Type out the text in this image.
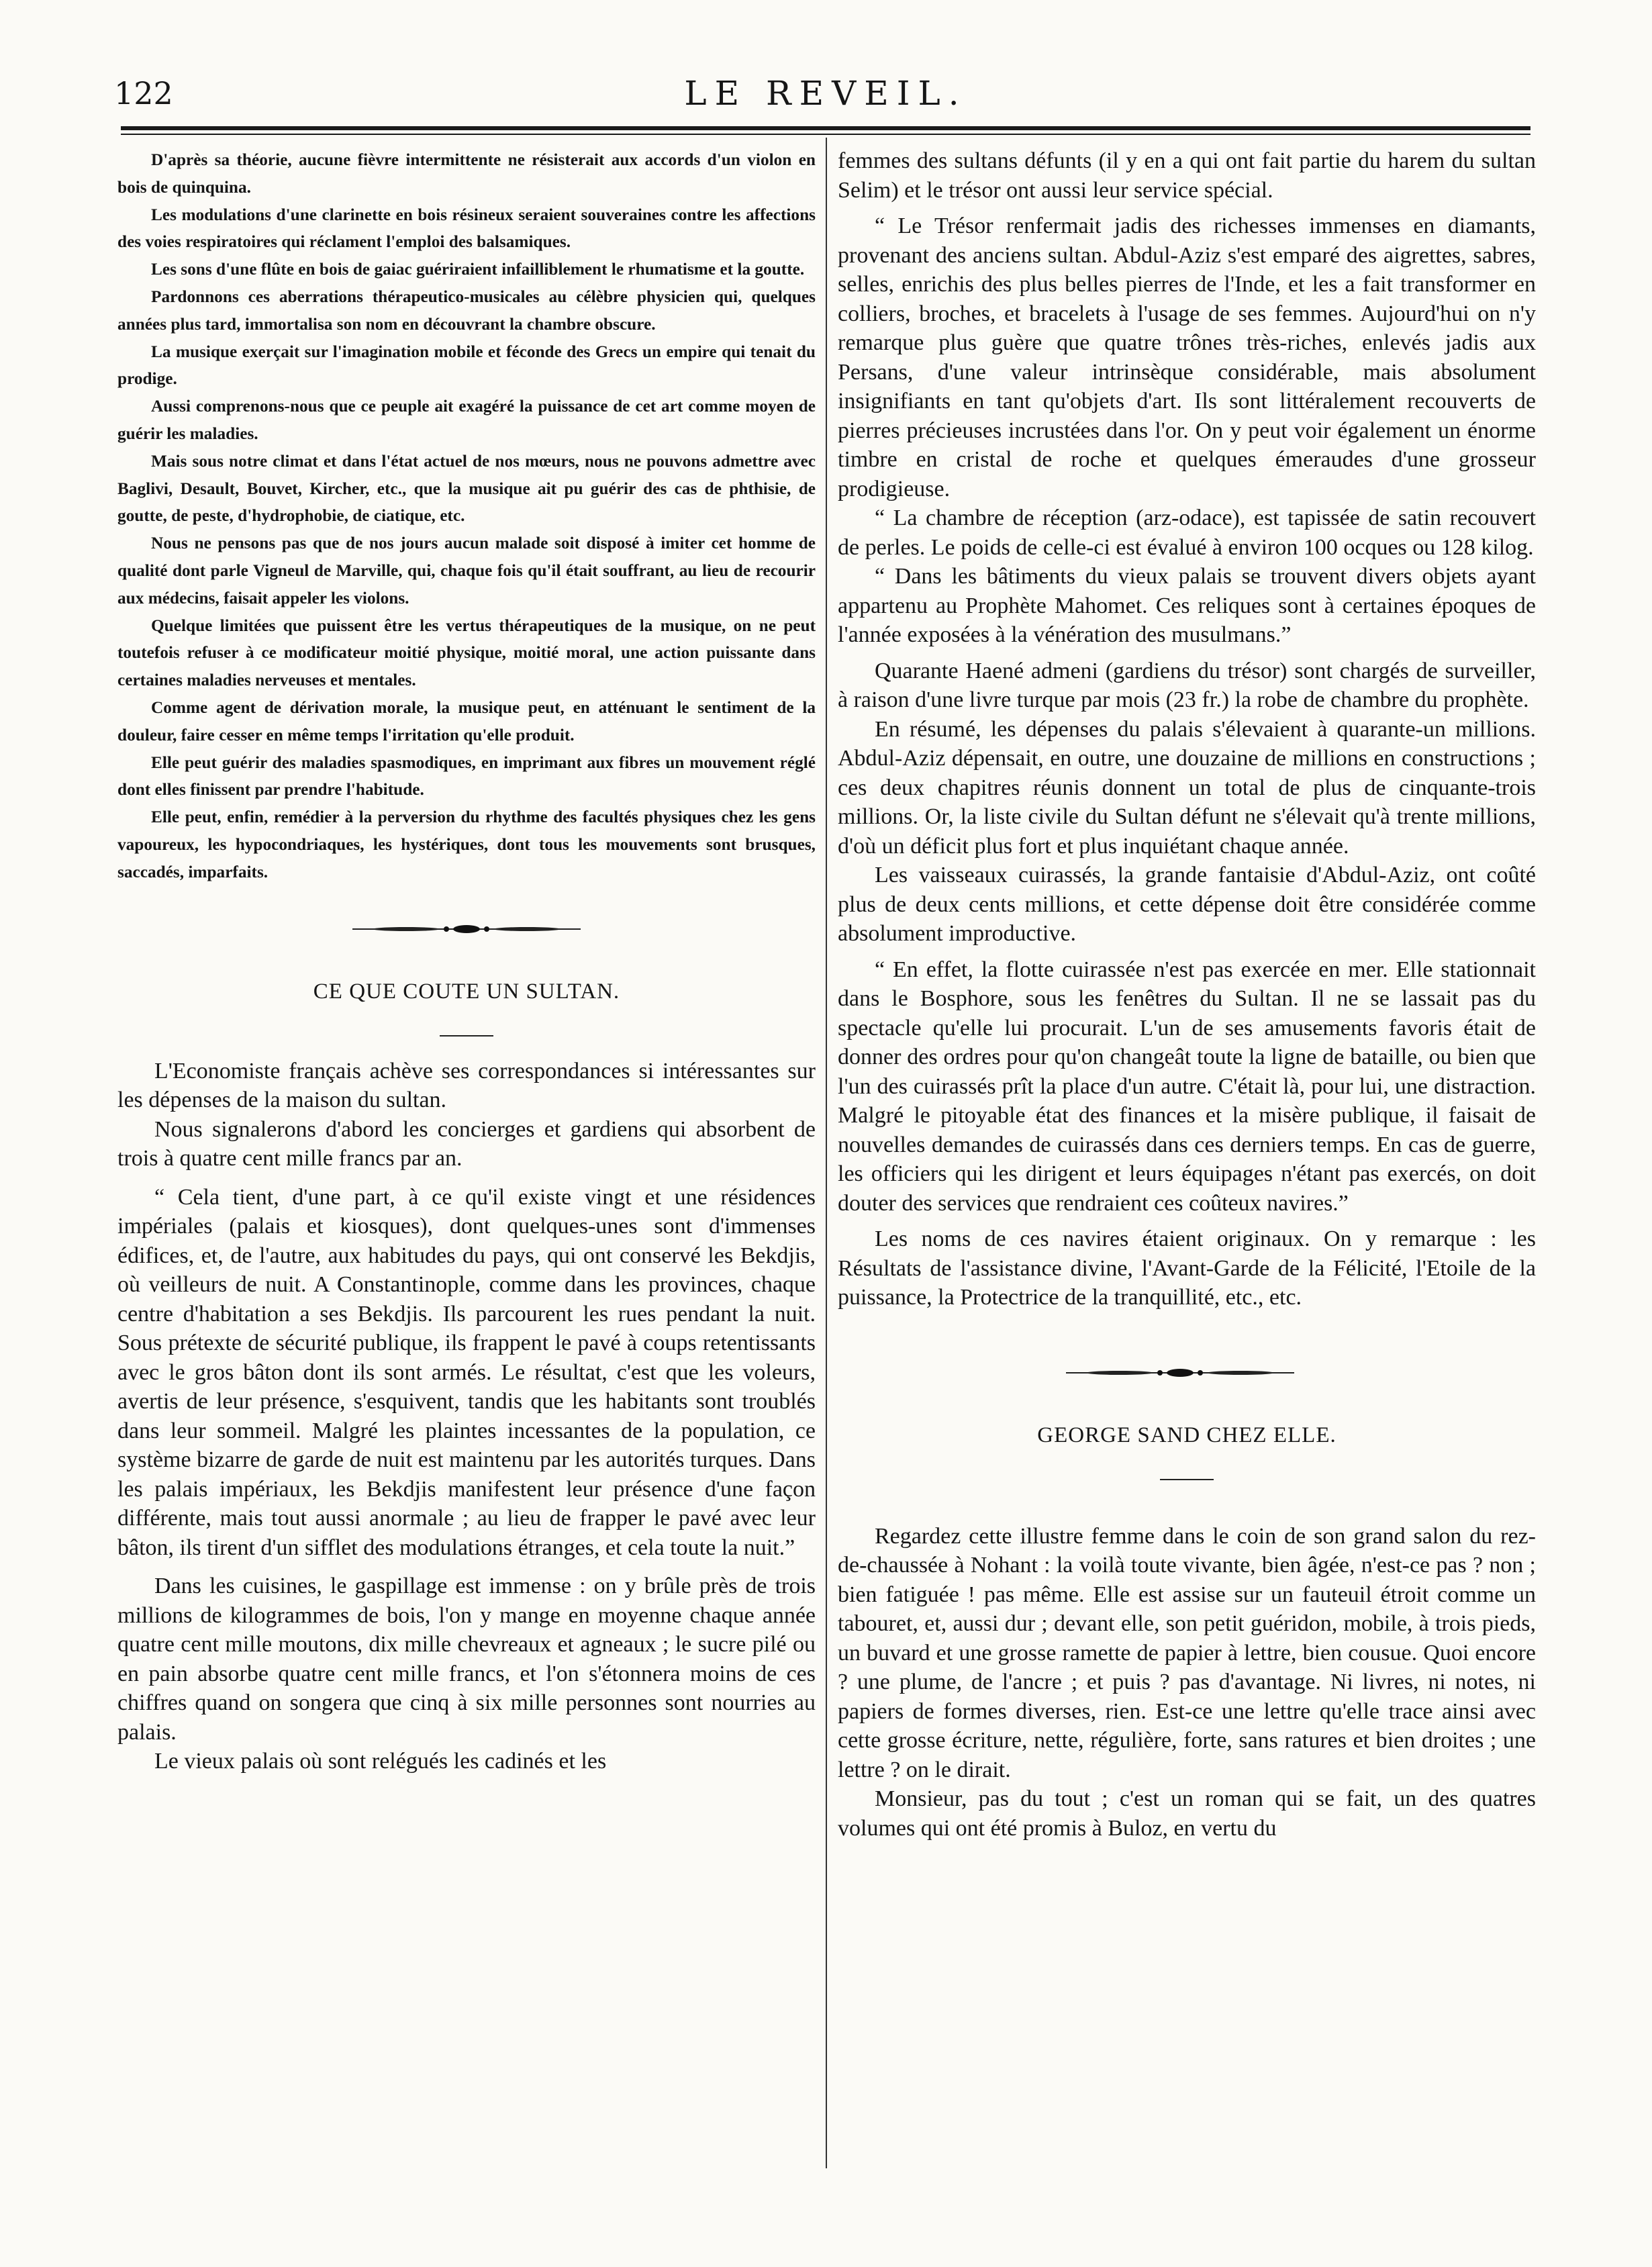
122	LE REVEIL.

D'après sa théorie, aucune fièvre intermittente ne résisterait aux accords d'un violon en bois de quinquina.

Les modulations d'une clarinette en bois résineux seraient souveraines contre les affections des voies respiratoires qui réclament l'emploi des balsamiques.

Les sons d'une flûte en bois de gaiac guériraient infailliblement le rhumatisme et la goutte.

Pardonnons ces aberrations thérapeutico-musicales au célèbre physicien qui, quelques années plus tard, immortalisa son nom en découvrant la chambre obscure.

La musique exerçait sur l'imagination mobile et féconde des Grecs un empire qui tenait du prodige.

Aussi comprenons-nous que ce peuple ait exagéré la puissance de cet art comme moyen de guérir les maladies.

Mais sous notre climat et dans l'état actuel de nos mœurs, nous ne pouvons admettre avec Baglivi, Desault, Bouvet, Kircher, etc., que la musique ait pu guérir des cas de phthisie, de goutte, de peste, d'hydrophobie, de ciatique, etc.

Nous ne pensons pas que de nos jours aucun malade soit disposé à imiter cet homme de qualité dont parle Vigneul de Marville, qui, chaque fois qu'il était souffrant, au lieu de recourir aux médecins, faisait appeler les violons.

Quelque limitées que puissent être les vertus thérapeutiques de la musique, on ne peut toutefois refuser à ce modificateur moitié physique, moitié moral, une action puissante dans certaines maladies nerveuses et mentales.

Comme agent de dérivation morale, la musique peut, en atténuant le sentiment de la douleur, faire cesser en même temps l'irritation qu'elle produit.

Elle peut guérir des maladies spasmodiques, en imprimant aux fibres un mouvement réglé dont elles finissent par prendre l'habitude.

Elle peut, enfin, remédier à la perversion du rhythme des facultés physiques chez les gens vapoureux, les hypocondriaques, les hystériques, dont tous les mouvements sont brusques, saccadés, imparfaits.

CE QUE COUTE UN SULTAN.

L'Economiste français achève ses correspondances si intéressantes sur les dépenses de la maison du sultan.

Nous signalerons d'abord les concierges et gardiens qui absorbent de trois à quatre cent mille francs par an.

“ Cela tient, d'une part, à ce qu'il existe vingt et une résidences impériales (palais et kiosques), dont quelques-unes sont d'immenses édifices, et, de l'autre, aux habitudes du pays, qui ont conservé les Bekdjis, où veilleurs de nuit. A Constantinople, comme dans les provinces, chaque centre d'habitation a ses Bekdjis. Ils parcourent les rues pendant la nuit. Sous prétexte de sécurité publique, ils frappent le pavé à coups retentissants avec le gros bâton dont ils sont armés. Le résultat, c'est que les voleurs, avertis de leur présence, s'esquivent, tandis que les habitants sont troublés dans leur sommeil. Malgré les plaintes incessantes de la population, ce système bizarre de garde de nuit est maintenu par les autorités turques. Dans les palais impériaux, les Bekdjis manifestent leur présence d'une façon différente, mais tout aussi anormale ; au lieu de frapper le pavé avec leur bâton, ils tirent d'un sifflet des modulations étranges, et cela toute la nuit.”

Dans les cuisines, le gaspillage est immense : on y brûle près de trois millions de kilogrammes de bois, l'on y mange en moyenne chaque année quatre cent mille moutons, dix mille chevreaux et agneaux ; le sucre pilé ou en pain absorbe quatre cent mille francs, et l'on s'étonnera moins de ces chiffres quand on songera que cinq à six mille personnes sont nourries au palais.

Le vieux palais où sont relégués les cadinés et les

femmes des sultans défunts (il y en a qui ont fait partie du harem du sultan Selim) et le trésor ont aussi leur service spécial.

“ Le Trésor renfermait jadis des richesses immenses en diamants, provenant des anciens sultan. Abdul-Aziz s'est emparé des aigrettes, sabres, selles, enrichis des plus belles pierres de l'Inde, et les a fait transformer en colliers, broches, et bracelets à l'usage de ses femmes. Aujourd'hui on n'y remarque plus guère que quatre trônes très-riches, enlevés jadis aux Persans, d'une valeur intrinsèque considérable, mais absolument insignifiants en tant qu'objets d'art. Ils sont littéralement recouverts de pierres précieuses incrustées dans l'or. On y peut voir également un énorme timbre en cristal de roche et quelques émeraudes d'une grosseur prodigieuse.

“ La chambre de réception (arz-odace), est tapissée de satin recouvert de perles. Le poids de celle-ci est évalué à environ 100 ocques ou 128 kilog.

“ Dans les bâtiments du vieux palais se trouvent divers objets ayant appartenu au Prophète Mahomet. Ces reliques sont à certaines époques de l'année exposées à la vénération des musulmans.”

Quarante Haené admeni (gardiens du trésor) sont chargés de surveiller, à raison d'une livre turque par mois (23 fr.) la robe de chambre du prophète.

En résumé, les dépenses du palais s'élevaient à quarante-un millions. Abdul-Aziz dépensait, en outre, une douzaine de millions en constructions ; ces deux chapitres réunis donnent un total de plus de cinquante-trois millions. Or, la liste civile du Sultan défunt ne s'élevait qu'à trente millions, d'où un déficit plus fort et plus inquiétant chaque année.

Les vaisseaux cuirassés, la grande fantaisie d'Abdul-Aziz, ont coûté plus de deux cents millions, et cette dépense doit être considérée comme absolument improductive.

“ En effet, la flotte cuirassée n'est pas exercée en mer. Elle stationnait dans le Bosphore, sous les fenêtres du Sultan. Il ne se lassait pas du spectacle qu'elle lui procurait. L'un de ses amusements favoris était de donner des ordres pour qu'on changeât toute la ligne de bataille, ou bien que l'un des cuirassés prît la place d'un autre. C'était là, pour lui, une distraction. Malgré le pitoyable état des finances et la misère publique, il faisait de nouvelles demandes de cuirassés dans ces derniers temps. En cas de guerre, les officiers qui les dirigent et leurs équipages n'étant pas exercés, on doit douter des services que rendraient ces coûteux navires.”

Les noms de ces navires étaient originaux. On y remarque : les Résultats de l'assistance divine, l'Avant-Garde de la Félicité, l'Etoile de la puissance, la Protectrice de la tranquillité, etc., etc.

GEORGE SAND CHEZ ELLE.

Regardez cette illustre femme dans le coin de son grand salon du rez-de-chaussée à Nohant : la voilà toute vivante, bien âgée, n'est-ce pas ? non ; bien fatiguée ! pas même. Elle est assise sur un fauteuil étroit comme un tabouret, et, aussi dur ; devant elle, son petit guéridon, mobile, à trois pieds, un buvard et une grosse ramette de papier à lettre, bien cousue. Quoi encore ? une plume, de l'ancre ; et puis ? pas d'avantage. Ni livres, ni notes, ni papiers de formes diverses, rien. Est-ce une lettre qu'elle trace ainsi avec cette grosse écriture, nette, régulière, forte, sans ratures et bien droites ; une lettre ? on le dirait.

Monsieur, pas du tout ; c'est un roman qui se fait, un des quatres volumes qui ont été promis à Buloz, en vertu du
